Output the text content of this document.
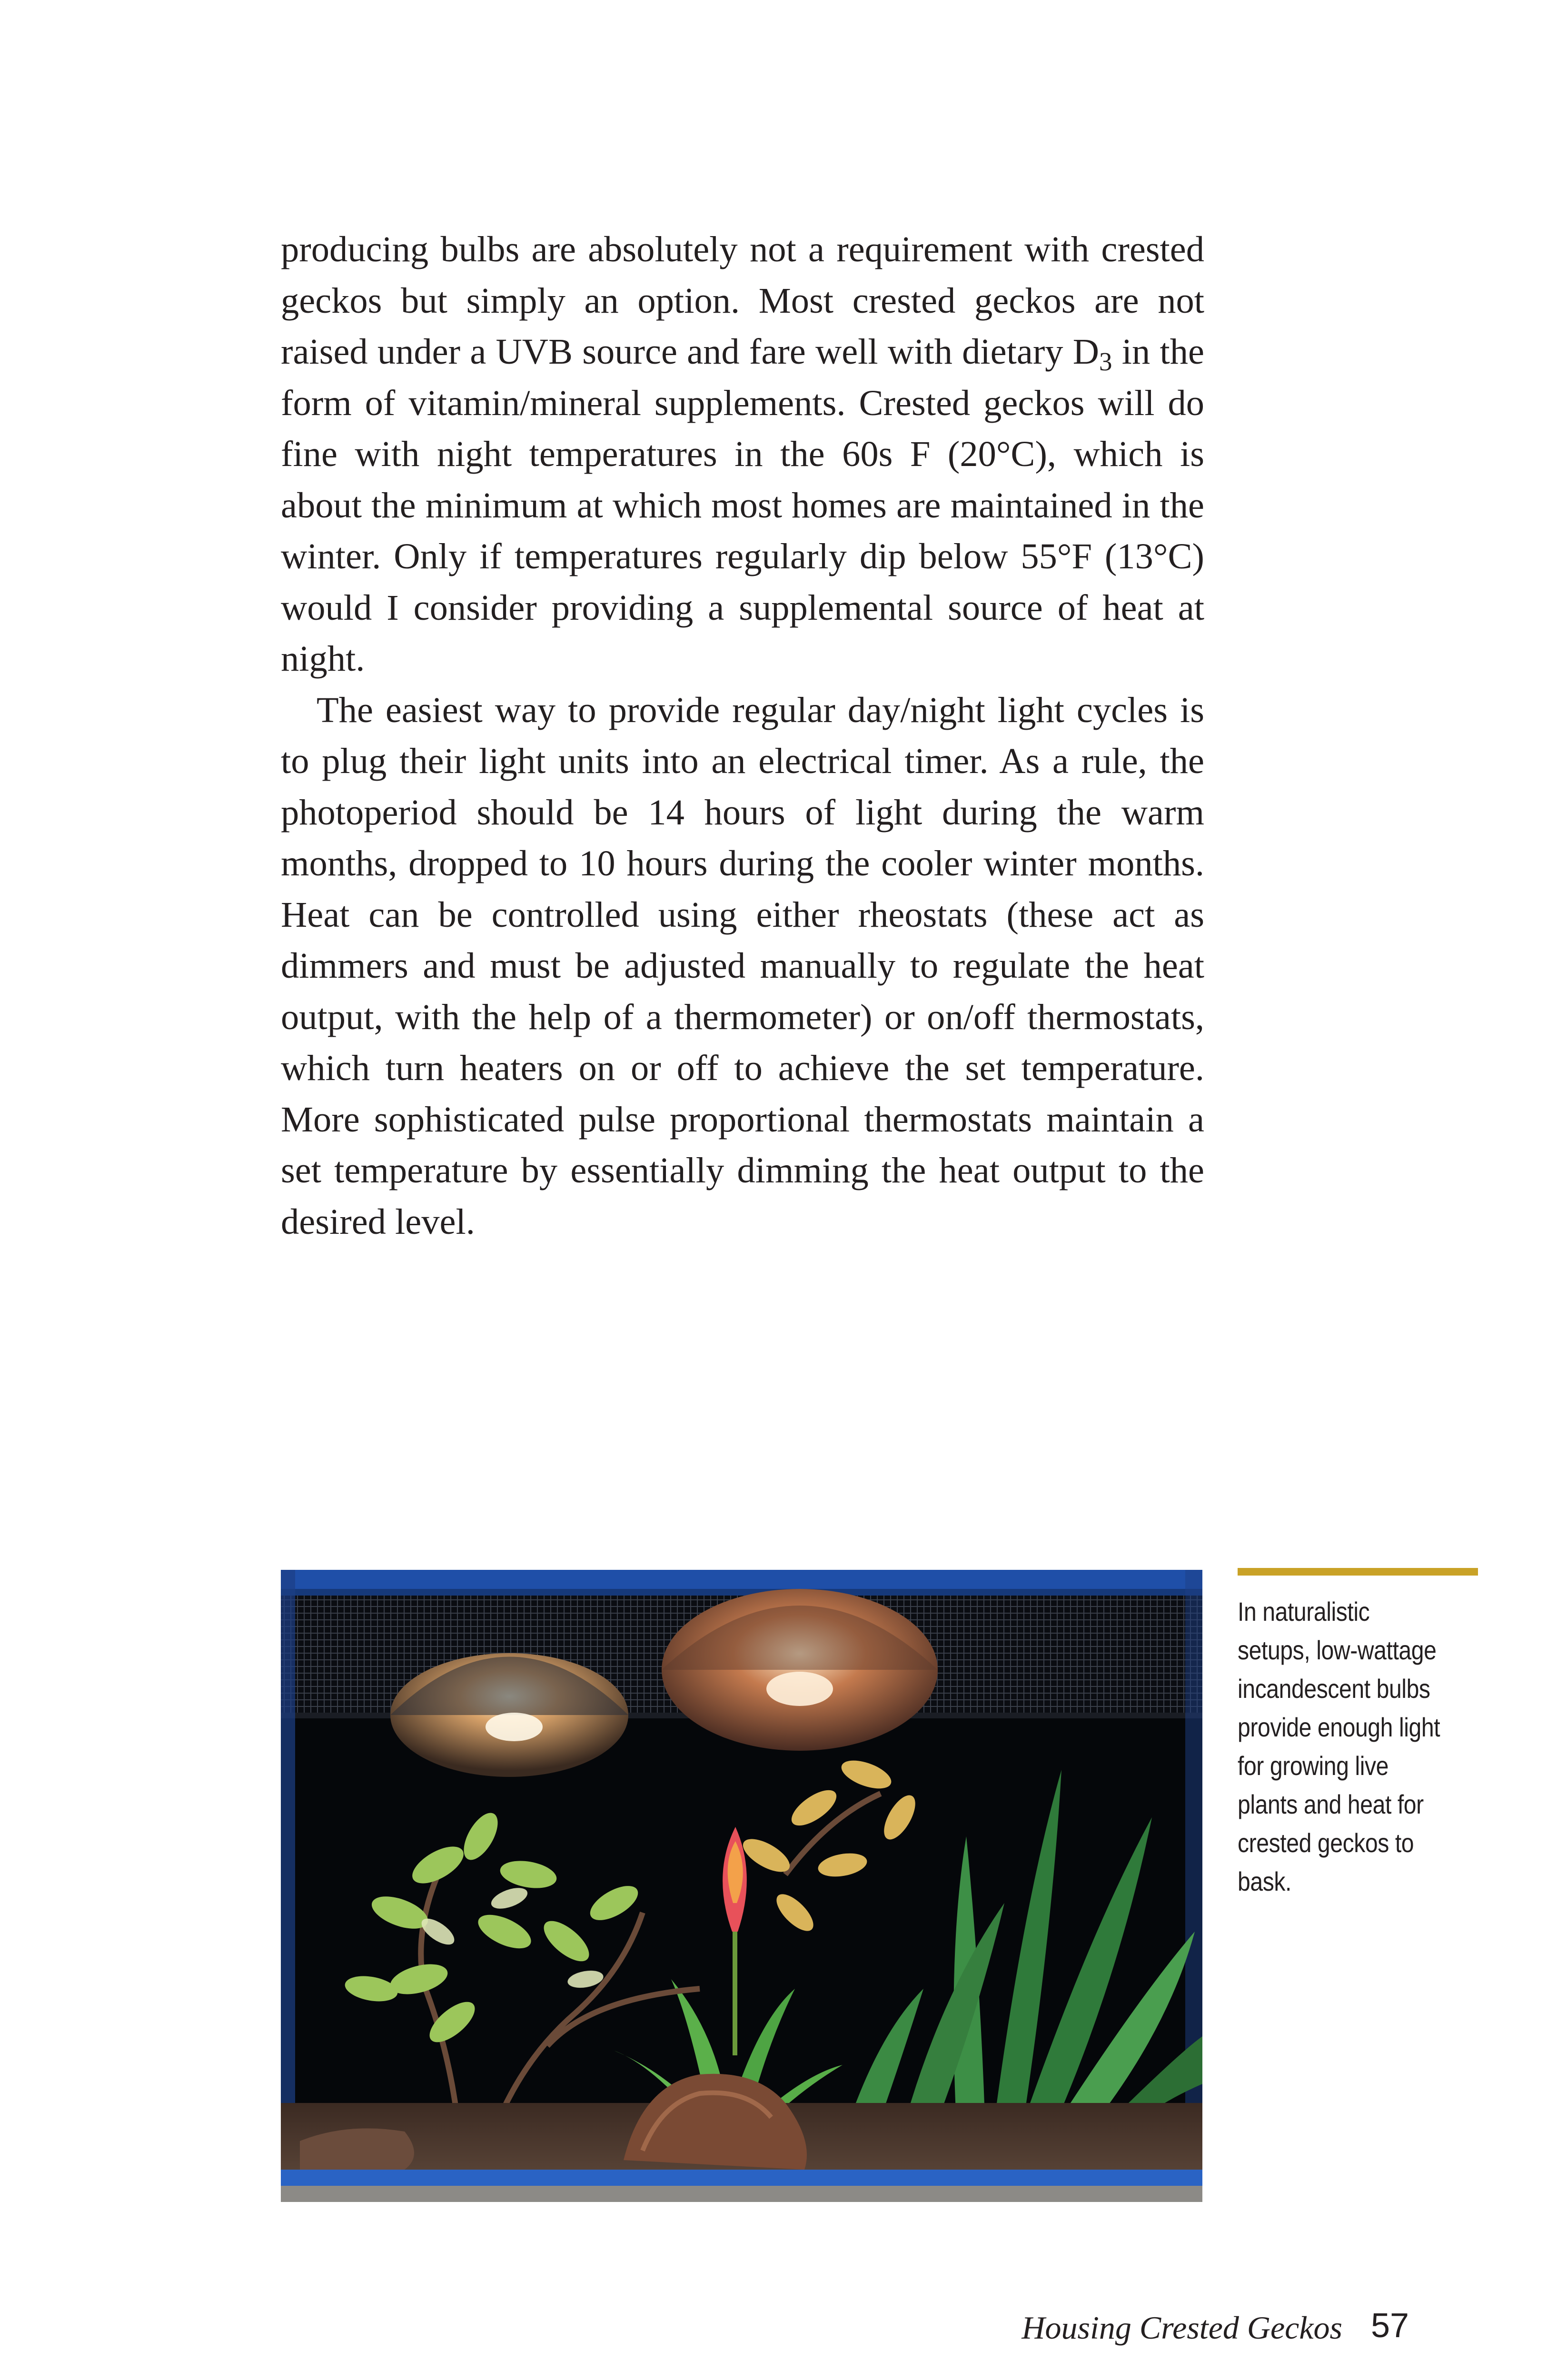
producing bulbs are absolutely not a requirement with crested geckos but simply an option. Most crested geckos are not raised under a UVB source and fare well with dietary $D_3$ in the form of vitamin/mineral supplements. Crested geckos will do fine with night temperatures in the 60s F (20°C), which is about the minimum at which most homes are maintained in the winter. Only if temperatures regularly dip below 55°F (13°C) would I consider providing a supplemental source of heat at night.

The easiest way to provide regular day/night light cycles is to plug their light units into an electrical timer. As a rule, the photoperiod should be 14 hours of light during the warm months, dropped to 10 hours during the cooler winter months. Heat can be controlled using either rheostats (these act as dimmers and must be adjusted manually to regulate the heat output, with the help of a thermometer) or on/off thermostats, which turn heaters on or off to achieve the set temperature. More sophisticated pulse proportional thermostats maintain a set temperature by essentially dimming the heat output to the desired level.

In naturalistic setups, low-wattage incandescent bulbs provide enough light for growing live plants and heat for crested geckos to bask.
Housing Crested Geckos 57
